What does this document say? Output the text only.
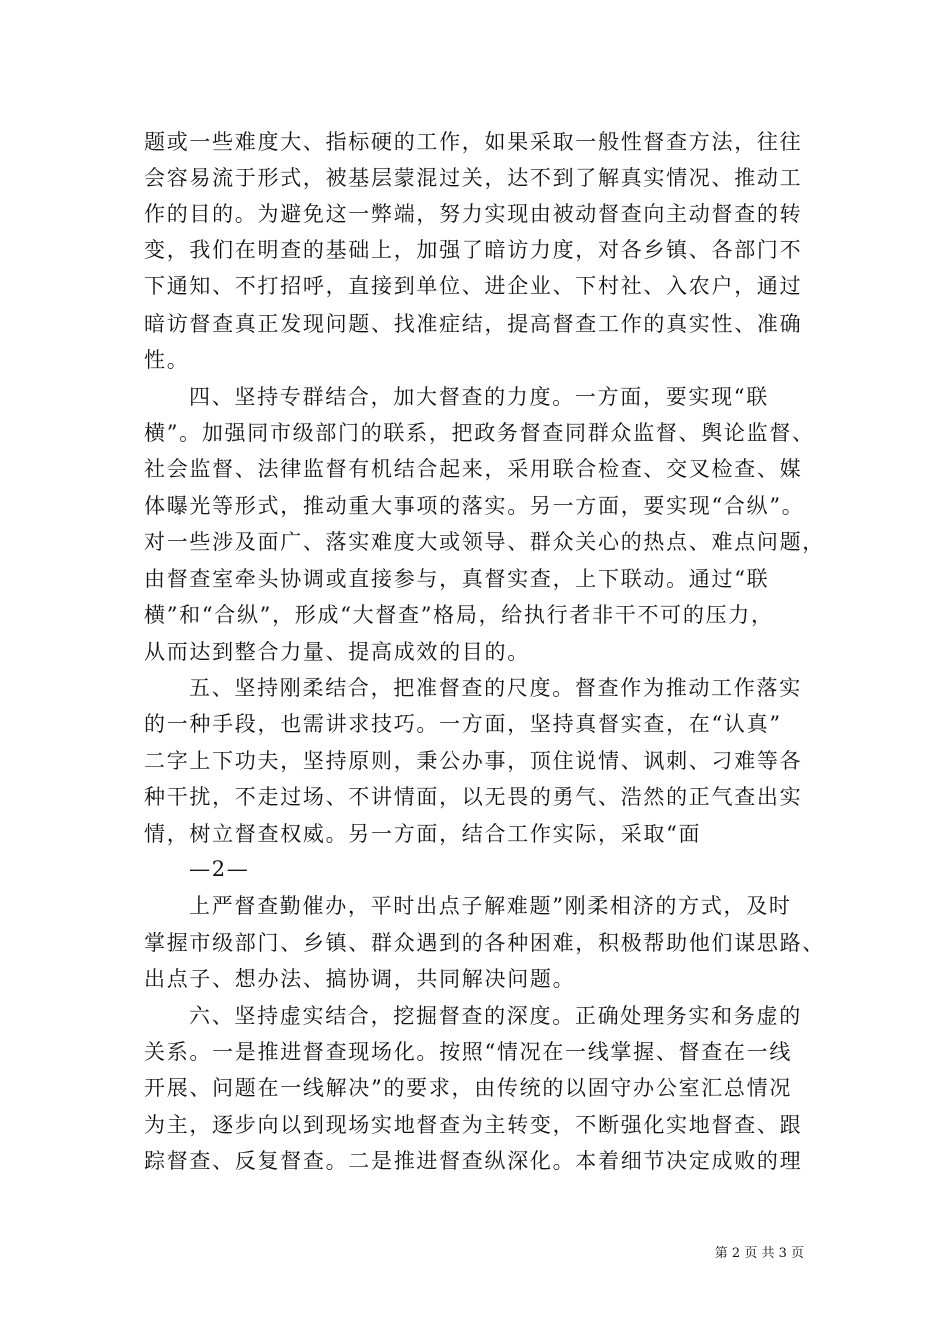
题或一些难度大、指标硬的工作，如果采取一般性督查方法，往往
会容易流于形式，被基层蒙混过关，达不到了解真实情况、推动工
作的目的。为避免这一弊端，努力实现由被动督查向主动督查的转
变，我们在明查的基础上，加强了暗访力度，对各乡镇、各部门不
下通知、不打招呼，直接到单位、进企业、下村社、入农户，通过
暗访督查真正发现问题、找准症结，提高督查工作的真实性、准确
性。
四、坚持专群结合，加大督查的力度。一方面，要实现“联
横”。加强同市级部门的联系，把政务督查同群众监督、舆论监督、
社会监督、法律监督有机结合起来，采用联合检查、交叉检查、媒
体曝光等形式，推动重大事项的落实。另一方面，要实现“合纵”。
对一些涉及面广、落实难度大或领导、群众关心的热点、难点问题，
由督查室牵头协调或直接参与，真督实查，上下联动。通过“联
横”和“合纵”，形成“大督查”格局，给执行者非干不可的压力，
从而达到整合力量、提高成效的目的。
五、坚持刚柔结合，把准督查的尺度。督查作为推动工作落实
的一种手段，也需讲求技巧。一方面，坚持真督实查，在“认真”
二字上下功夫，坚持原则，秉公办事，顶住说情、讽刺、刁难等各
种干扰，不走过场、不讲情面，以无畏的勇气、浩然的正气查出实
情，树立督查权威。另一方面，结合工作实际，采取“面
—2—
上严督查勤催办，平时出点子解难题”刚柔相济的方式，及时
掌握市级部门、乡镇、群众遇到的各种困难，积极帮助他们谋思路、
出点子、想办法、搞协调，共同解决问题。
六、坚持虚实结合，挖掘督查的深度。正确处理务实和务虚的
关系。一是推进督查现场化。按照“情况在一线掌握、督查在一线
开展、问题在一线解决”的要求，由传统的以固守办公室汇总情况
为主，逐步向以到现场实地督查为主转变，不断强化实地督查、跟
踪督查、反复督查。二是推进督查纵深化。本着细节决定成败的理
第 2 页 共 3 页
